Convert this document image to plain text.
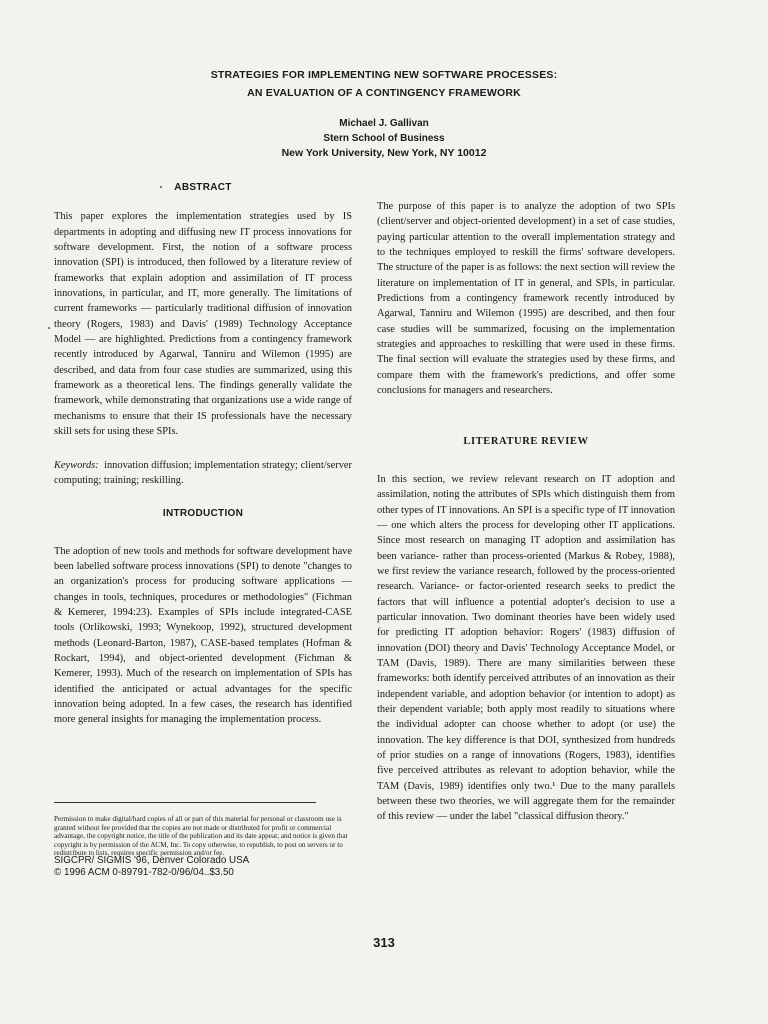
STRATEGIES FOR IMPLEMENTING NEW SOFTWARE PROCESSES:
AN EVALUATION OF A CONTINGENCY FRAMEWORK
Michael J. Gallivan
Stern School of Business
New York University, New York, NY 10012
ABSTRACT

This paper explores the implementation strategies used by IS departments in adopting and diffusing new IT process innovations for software development. First, the notion of a software process innovation (SPI) is introduced, then followed by a literature review of frameworks that explain adoption and assimilation of IT process innovations, in particular, and IT, more generally. The limitations of current frameworks — particularly traditional diffusion of innovation theory (Rogers, 1983) and Davis' (1989) Technology Acceptance Model — are highlighted. Predictions from a contingency framework recently introduced by Agarwal, Tanniru and Wilemon (1995) are described, and data from four case studies are summarized, using this framework as a theoretical lens. The findings generally validate the framework, while demonstrating that organizations use a wide range of mechanisms to ensure that their IS professionals have the necessary skill sets for using these SPIs.

Keywords: innovation diffusion; implementation strategy; client/server computing; training; reskilling.

INTRODUCTION

The adoption of new tools and methods for software development have been labelled software process innovations (SPI) to denote "changes to an organization's process for producing software applications — changes in tools, techniques, procedures or methodologies" (Fichman & Kemerer, 1994:23). Examples of SPIs include integrated-CASE tools (Orlikowski, 1993; Wynekoop, 1992), structured development methods (Leonard-Barton, 1987), CASE-based templates (Hofman & Rockart, 1994), and object-oriented development (Fichman & Kemerer, 1993). Much of the research on implementation of SPIs has identified the anticipated or actual advantages for the specific innovation being adopted. In a few cases, the research has identified more general insights for managing the implementation process.

Permission to make digital/hard copies of all or part of this material for personal or classroom use is granted without fee provided that the copies are not made or distributed for profit or commercial advantage, the copyright notice, the title of the publication and its date appear, and notice is given that copyright is by permission of the ACM, Inc. To copy otherwise, to republish, to post on servers or to redistribute to lists, requires specific permission and/or fee.
SIGCPR/ SIGMIS '96, Denver Colorado USA
© 1996 ACM 0-89791-782-0/96/04..$3.50

The purpose of this paper is to analyze the adoption of two SPIs (client/server and object-oriented development) in a set of case studies, paying particular attention to the overall implementation strategy and to the techniques employed to reskill the firms' software developers. The structure of the paper is as follows: the next section will review the literature on implementation of IT in general, and SPIs, in particular. Predictions from a contingency framework recently introduced by Agarwal, Tanniru and Wilemon (1995) are described, and then four case studies will be summarized, focusing on the implementation strategies and approaches to reskilling that were used in these firms. The final section will evaluate the strategies used by these firms, and compare them with the framework's predictions, and offer some conclusions for managers and researchers.

LITERATURE REVIEW

In this section, we review relevant research on IT adoption and assimilation, noting the attributes of SPIs which distinguish them from other types of IT innovations. An SPI is a specific type of IT innovation — one which alters the process for developing other IT applications. Since most research on managing IT adoption and assimilation has been variance- rather than process-oriented (Markus & Robey, 1988), we first review the variance research, followed by the process-oriented research. Variance- or factor-oriented research seeks to predict the factors that will influence a potential adopter's decision to use a particular innovation. Two dominant theories have been widely used for predicting IT adoption behavior: Rogers' (1983) diffusion of innovation (DOI) theory and Davis' Technology Acceptance Model, or TAM (Davis, 1989). There are many similarities between these frameworks: both identify perceived attributes of an innovation as their independent variable, and adoption behavior (or intention to adopt) as their dependent variable; both apply most readily to situations where the individual adopter can choose whether to adopt (or use) the innovation. The key difference is that DOI, synthesized from hundreds of prior studies on a range of innovations (Rogers, 1983), identifies five perceived attributes as relevant to adoption behavior, while the TAM (Davis, 1989) identifies only two.¹ Due to the many parallels between these two theories, we will aggregate them for the remainder of this review — under the label "classical diffusion theory."

313
